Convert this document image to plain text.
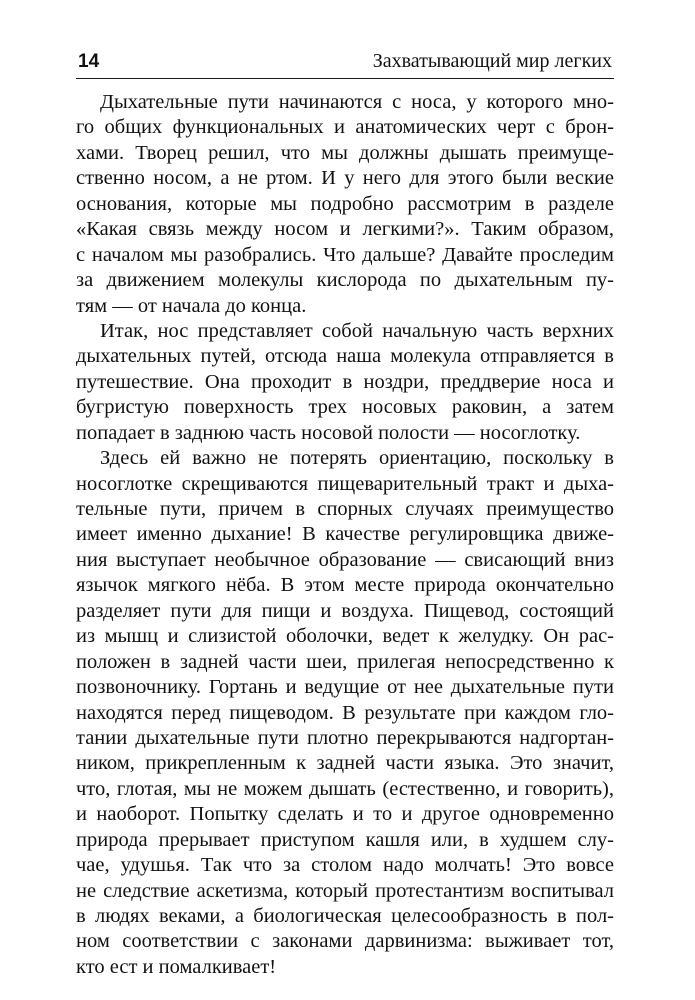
14	Захватывающий мир легких
Дыхательные пути начинаются с носа, у которого мно-
го общих функциональных и анатомических черт с брон-
хами. Творец решил, что мы должны дышать преимуще-
ственно носом, а не ртом. И у него для этого были веские
основания, которые мы подробно рассмотрим в разделе
«Какая связь между носом и легкими?». Таким образом,
с началом мы разобрались. Что дальше? Давайте проследим
за движением молекулы кислорода по дыхательным пу-
тям — от начала до конца.
Итак, нос представляет собой начальную часть верхних
дыхательных путей, отсюда наша молекула отправляется в
путешествие. Она проходит в ноздри, преддверие носа и
бугристую поверхность трех носовых раковин, а затем
попадает в заднюю часть носовой полости — носоглотку.
Здесь ей важно не потерять ориентацию, поскольку в
носоглотке скрещиваются пищеварительный тракт и дыха-
тельные пути, причем в спорных случаях преимущество
имеет именно дыхание! В качестве регулировщика движе-
ния выступает необычное образование — свисающий вниз
язычок мягкого нёба. В этом месте природа окончательно
разделяет пути для пищи и воздуха. Пищевод, состоящий
из мышц и слизистой оболочки, ведет к желудку. Он рас-
положен в задней части шеи, прилегая непосредственно к
позвоночнику. Гортань и ведущие от нее дыхательные пути
находятся перед пищеводом. В результате при каждом гло-
тании дыхательные пути плотно перекрываются надгортан-
ником, прикрепленным к задней части языка. Это значит,
что, глотая, мы не можем дышать (естественно, и говорить),
и наоборот. Попытку сделать и то и другое одновременно
природа прерывает приступом кашля или, в худшем слу-
чае, удушья. Так что за столом надо молчать! Это вовсе
не следствие аскетизма, который протестантизм воспитывал
в людях веками, а биологическая целесообразность в пол-
ном соответствии с законами дарвинизма: выживает тот,
кто ест и помалкивает!
